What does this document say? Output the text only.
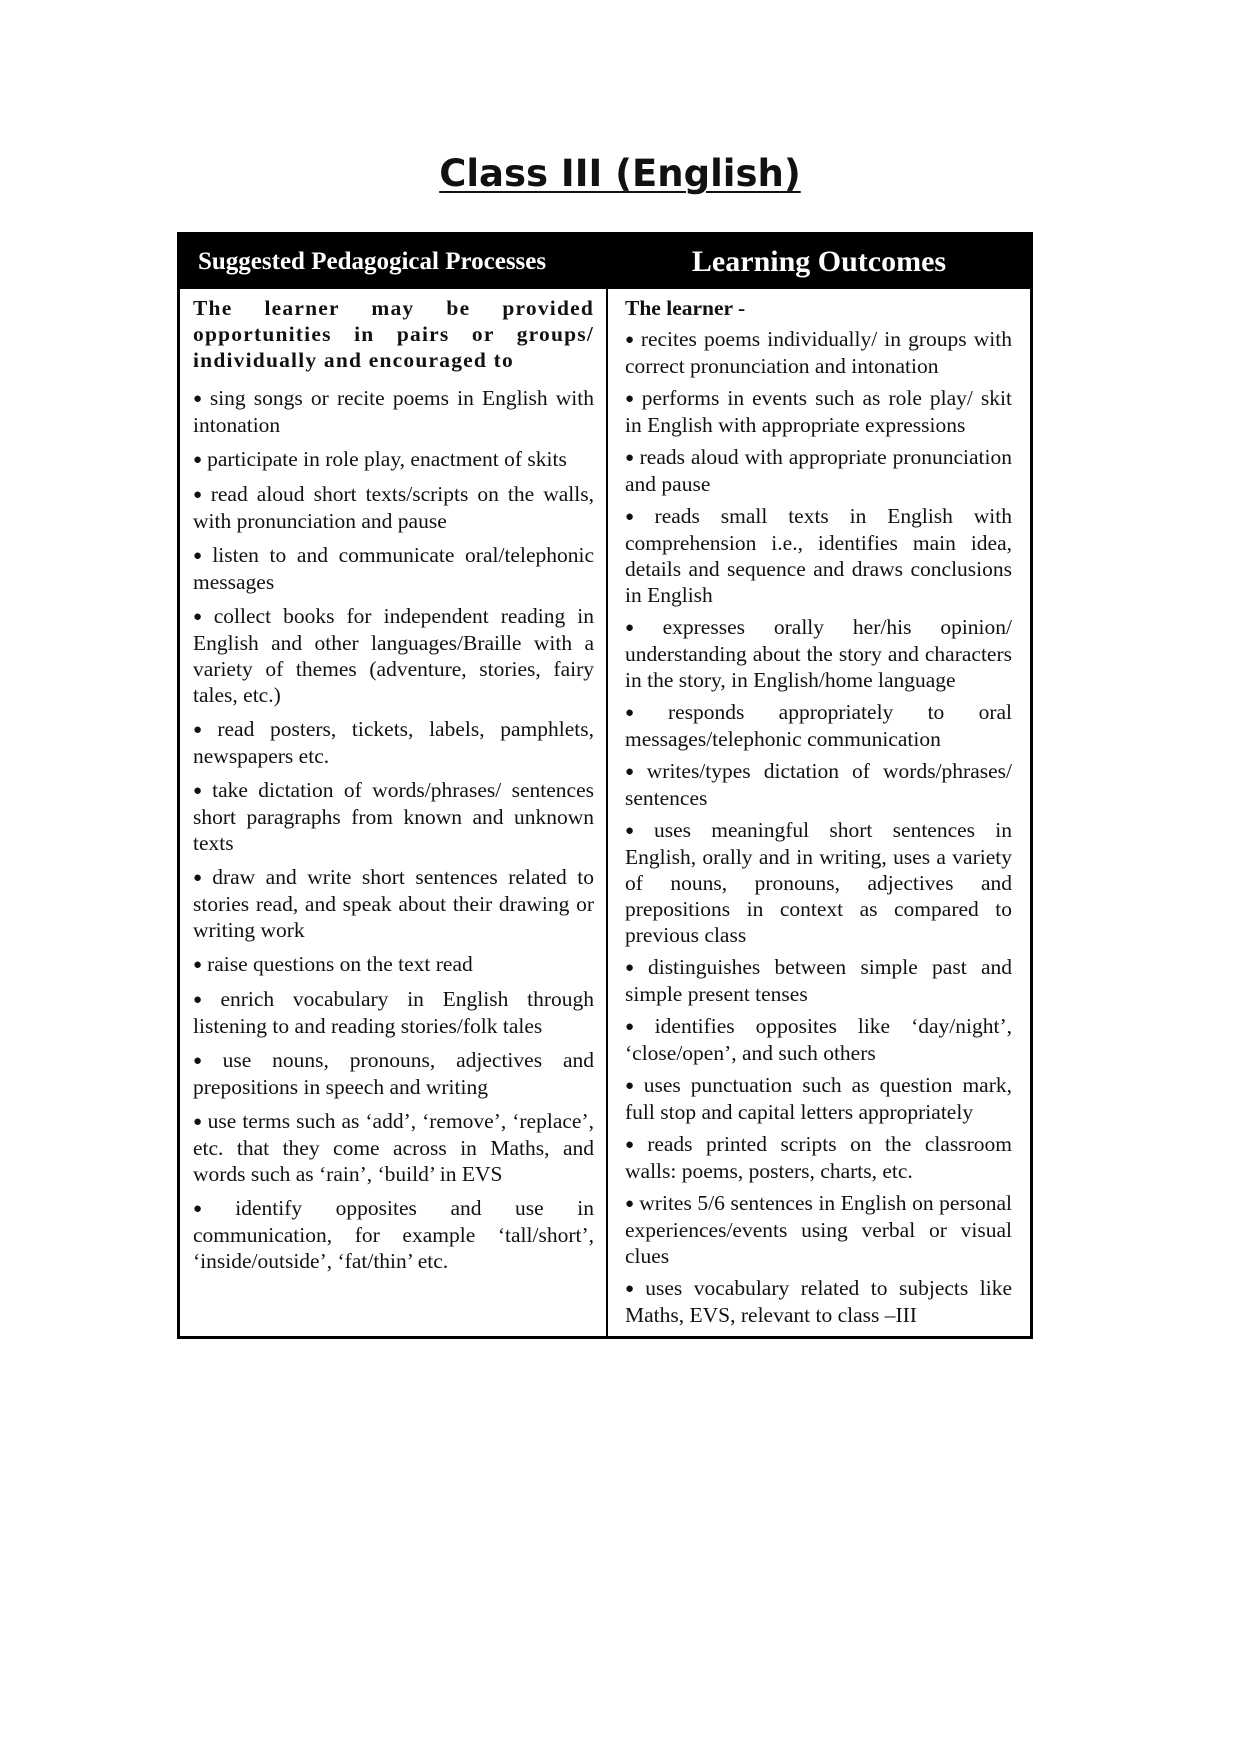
Class III (English)
Suggested Pedagogical Processes	Learning Outcomes
The learner may be provided opportunities in pairs or groups/ individually and encouraged to
● sing songs or recite poems in English with intonation
● participate in role play, enactment of skits
● read aloud short texts/scripts on the walls, with pronunciation and pause
● listen to and communicate oral/telephonic messages
● collect books for independent reading in English and other languages/Braille with a variety of themes (adventure, stories, fairy tales, etc.)
● read posters, tickets, labels, pamphlets, newspapers etc.
● take dictation of words/phrases/ sentences short paragraphs from known and unknown texts
● draw and write short sentences related to stories read, and speak about their drawing or writing work
● raise questions on the text read
● enrich vocabulary in English through listening to and reading stories/folk tales
● use nouns, pronouns, adjectives and prepositions in speech and writing
● use terms such as ‘add’, ‘remove’, ‘replace’, etc. that they come across in Maths, and words such as ‘rain’, ‘build’ in EVS
● identify opposites and use in communication, for example ‘tall/short’, ‘inside/outside’, ‘fat/thin’ etc.
The learner -
● recites poems individually/ in groups with correct pronunciation and intonation
● performs in events such as role play/ skit in English with appropriate expressions
● reads aloud with appropriate pronunciation and pause
● reads small texts in English with comprehension i.e., identifies main idea, details and sequence and draws conclusions in English
● expresses orally her/his opinion/ understanding about the story and characters in the story, in English/home language
● responds appropriately to oral messages/telephonic communication
● writes/types dictation of words/phrases/ sentences
● uses meaningful short sentences in English, orally and in writing, uses a variety of nouns, pronouns, adjectives and prepositions in context as compared to previous class
● distinguishes between simple past and simple present tenses
● identifies opposites like ‘day/night’, ‘close/open’, and such others
● uses punctuation such as question mark, full stop and capital letters appropriately
● reads printed scripts on the classroom walls: poems, posters, charts, etc.
● writes 5/6 sentences in English on personal experiences/events using verbal or visual clues
● uses vocabulary related to subjects like Maths, EVS, relevant to class –III
